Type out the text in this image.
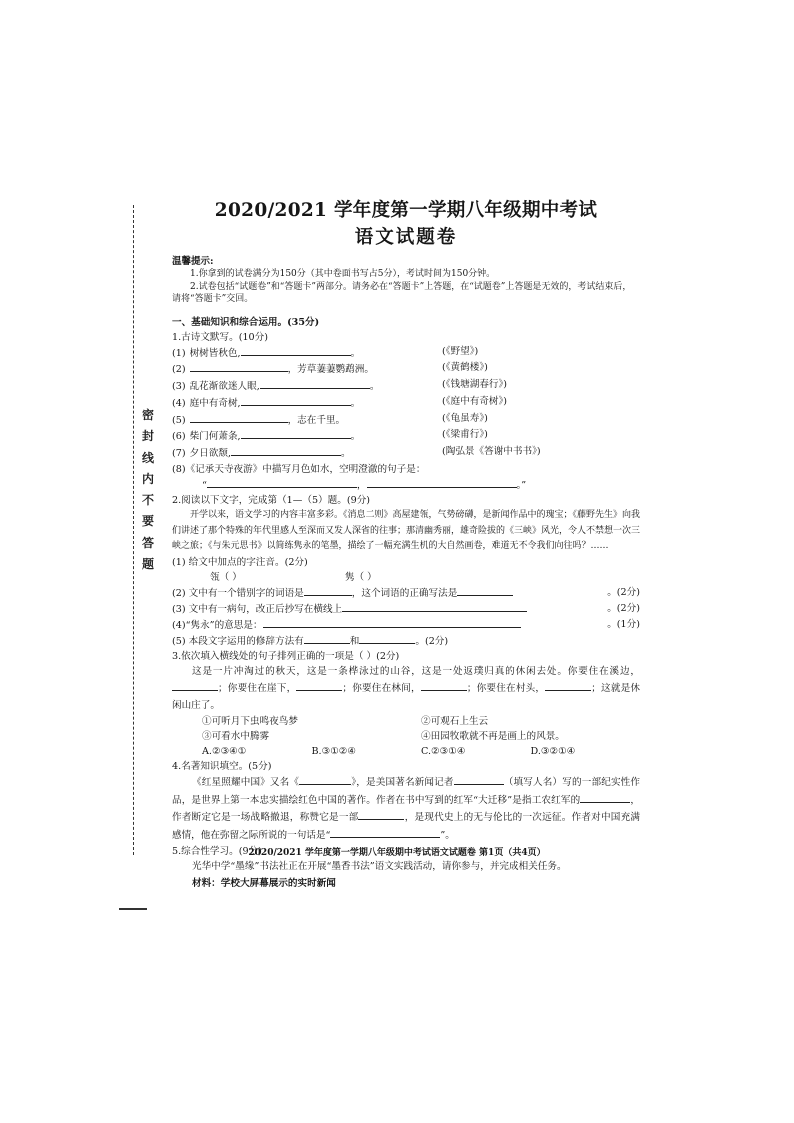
密
封
线
内
不
要
答
题
2020/2021 学年度第一学期八年级期中考试
语文试题卷
温馨提示:
1.你拿到的试卷满分为150分（其中卷面书写占5分），考试时间为150分钟。
2.试卷包括“试题卷”和“答题卡”两部分。请务必在“答题卡”上答题，在“试题卷”上答题是无效的，考试结束后，请将“答题卡”交回。
一、基础知识和综合运用。(35分)
1.古诗文默写。(10分)
(1) 树树皆秋色,	。	(《野望》)
(2)	，芳草萋萋鹦鹉洲。	(《黄鹤楼》)
(3) 乱花渐欲迷人眼,	。	(《钱塘湖春行》)
(4) 庭中有奇树,	。	(《庭中有奇树》)
(5)	，志在千里。	(《龟虽寿》)
(6) 柴门何萧条,	。	(《梁甫行》)
(7) 夕日欲颓,	。	(陶弘景《答谢中书书》)
(8)《记承天寺夜游》中描写月色如水，空明澄澈的句子是：
“	，	。”
2.阅读以下文字，完成第（1—（5）题。(9分)
开学以来，语文学习的内容丰富多彩。《消息二则》高屋建瓴，气势磅礴，是新闻作品中的瑰宝；《藤野先生》向我们讲述了那个特殊的年代里感人至深而又发人深省的往事；那清幽秀丽，雄奇险拔的《三峡》风光，令人不禁想一次三峡之旅；《与朱元思书》以简练隽永的笔墨，描绘了一幅充满生机的大自然画卷，难道无不令我们向往吗？……
(1) 给文中加点的字注音。(2分)
瓴（ ）	隽（ ）
(2) 文中有一个错别字的词语是	，这个词语的正确写法是	。(2分)
(3) 文中有一病句，改正后抄写在横线上	。(2分)
(4)“隽永”的意思是：	。(1分)
(5) 本段文字运用的修辞方法有	和	。(2分)
3.依次填入横线处的句子排列正确的一项是（ ）(2分)
这是一片冲淘过的秋天，这是一条桦泳过的山谷，这是一处返璞归真的休闲去处。你要住在溪边，；你要住在崖下，	；你要住在林间，	；你要住在村头，	；这就是休闲山庄了。
①可听月下虫鸣夜鸟梦	②可观石上生云
③可看水中腾雾	④田园牧歌就不再是画上的风景。
A.②③④①	B.③①②④	C.②③①④	D.③②①④
4.名著知识填空。(5分)
《红星照耀中国》又名《	》，是美国著名新闻记者	（填写人名）写的一部纪实性作品，是世界上第一本忠实描绘红色中国的著作。作者在书中写到的红军“大迁移”是指工农红军的	，作者断定它是一场战略撤退，称赞它是一部	，是现代史上的无与伦比的一次远征。作者对中国充满感情，他在弥留之际所说的一句话是“	”。
5.综合性学习。(9分)
光华中学“墨缘”书法社正在开展“墨香书法”语文实践活动，请你参与，并完成相关任务。
材料：学校大屏幕展示的实时新闻
2020/2021 学年度第一学期八年级期中考试语文试题卷 第1页（共4页）
